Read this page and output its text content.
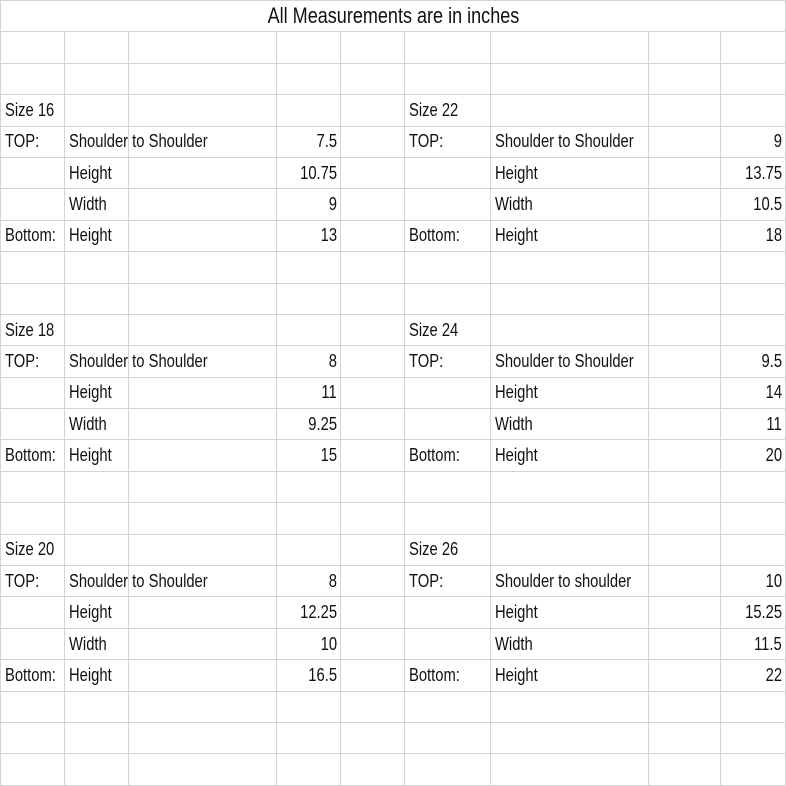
All Measurements are in inches								

Size 16					Size 22			
TOP:	Shoulder to Shoulder		7.5		TOP:	Shoulder to Shoulder		9
	Height		10.75			Height		13.75
	Width		9			Width		10.5
Bottom:	Height		13		Bottom:	Height		18

Size 18					Size 24			
TOP:	Shoulder to Shoulder		8		TOP:	Shoulder to Shoulder		9.5
	Height		11			Height		14
	Width		9.25			Width		11
Bottom:	Height		15		Bottom:	Height		20

Size 20					Size 26			
TOP:	Shoulder to Shoulder		8		TOP:	Shoulder to shoulder		10
	Height		12.25			Height		15.25
	Width		10			Width		11.5
Bottom:	Height		16.5		Bottom:	Height		22
